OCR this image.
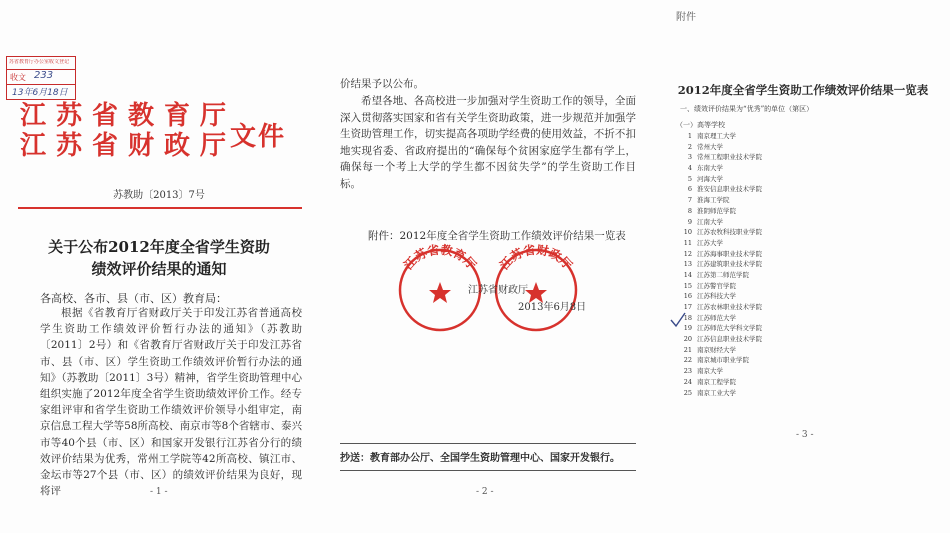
苏省教育厅办公室收文登记
收文 233
13年6月18日
江苏省教育厅
江苏省财政厅
文件
苏教助〔2013〕7号
关于公布2012年度全省学生资助
绩效评价结果的通知
各高校、各市、县（市、区）教育局：
根据《省教育厅省财政厅关于印发江苏省普通高校学生资助工作绩效评价暂行办法的通知》（苏教助〔2011〕2号）和《省教育厅省财政厅关于印发江苏省市、县（市、区）学生资助工作绩效评价暂行办法的通知》（苏教助〔2011〕3号）精神，省学生资助管理中心组织实施了2012年度全省学生资助绩效评价工作。经专家组评审和省学生资助工作绩效评价领导小组审定，南京信息工程大学等58所高校、南京市等8个省辖市、泰兴市等40个县（市、区）和国家开发银行江苏省分行的绩效评价结果为优秀，常州工学院等42所高校、镇江市、金坛市等27个县（市、区）的绩效评价结果为良好，现将评	- 1 -
价结果予以公布。
希望各地、各高校进一步加强对学生资助工作的领导，全面深入贯彻落实国家和省有关学生资助政策，进一步规范并加强学生资助管理工作，切实提高各项助学经费的使用效益，不折不扣地实现省委、省政府提出的“确保每个贫困家庭学生都有学上，确保每一个考上大学的学生都不因贫失学”的学生资助工作目标。
附件：2012年度全省学生资助工作绩效评价结果一览表
江苏省教育厅 江苏省财政厅
江苏省财政厅
2013年6月8日
抄送：教育部办公厅、全国学生资助管理中心、国家开发银行。
- 2 -
附件
2012年度全省学生资助工作绩效评价结果一览表
一、绩效评价结果为“优秀”的单位（第区）
（一）高等学校
1 南京理工大学
2 常州大学
3 常州工程职业技术学院
4 东南大学
5 河海大学
6 淮安信息职业技术学院
7 淮海工学院
8 淮阴师范学院
9 江南大学
10 江苏农牧科技职业学院
11 江苏大学
12 江苏海事职业技术学院
13 江苏建筑职业技术学院
14 江苏第二师范学院
15 江苏警官学院
16 江苏科技大学
17 江苏农林职业技术学院
18 江苏师范大学
19 江苏师范大学科文学院
20 江苏信息职业技术学院
21 南京财经大学
22 南京城市职业学院
23 南京大学
24 南京工程学院
25 南京工业大学
- 3 -
